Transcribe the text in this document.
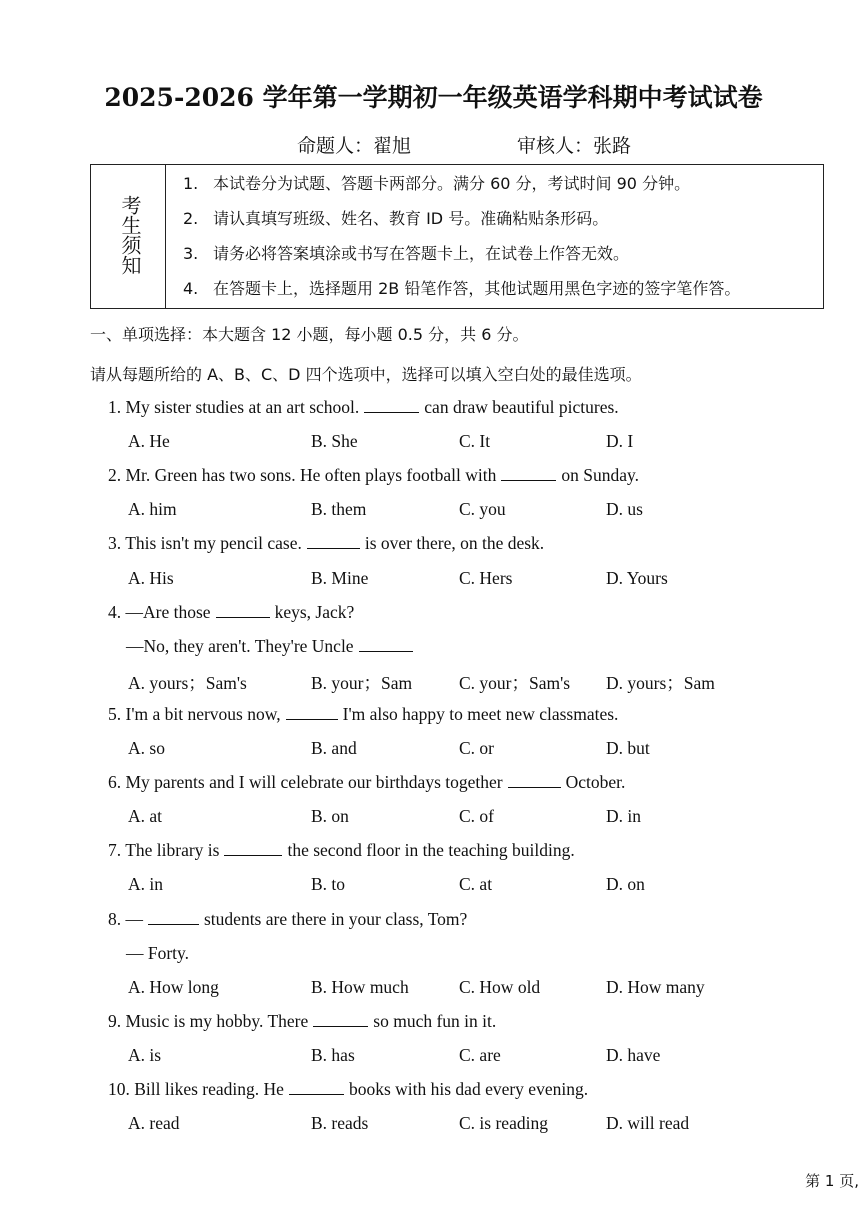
2025-2026 学年第一学期初一年级英语学科期中考试试卷
命题人：翟旭	审核人：张路
考生须知
1. 本试卷分为试题、答题卡两部分。满分 60 分，考试时间 90 分钟。
2. 请认真填写班级、姓名、教育 ID 号。准确粘贴条形码。
3. 请务必将答案填涂或书写在答题卡上，在试卷上作答无效。
4. 在答题卡上，选择题用 2B 铅笔作答，其他试题用黑色字迹的签字笔作答。
一、单项选择：本大题含 12 小题，每小题 0.5 分，共 6 分。
请从每题所给的 A、B、C、D 四个选项中，选择可以填入空白处的最佳选项。
1. My sister studies at an art school.	can draw beautiful pictures.
A. He	B. She	C. It	D. I
2. Mr. Green has two sons. He often plays football with	on Sunday.
A. him	B. them	C. you	D. us
3. This isn't my pencil case.	is over there, on the desk.
A. His	B. Mine	C. Hers	D. Yours
4. —Are those	keys, Jack?
—No, they aren't. They're Uncle
A. yours；Sam's	B. your；Sam	C. your；Sam's D. yours；Sam
5. I'm a bit nervous now,	I'm also happy to meet new classmates.
A. so	B. and	C. or	D. but
6. My parents and I will celebrate our birthdays together	October.
A. at	B. on	C. of	D. in
7. The library is	the second floor in the teaching building.
A. in	B. to	C. at	D. on
8. —	students are there in your class, Tom?
— Forty.
A. How long	B. How much	C. How old	D. How many
9. Music is my hobby. There	so much fun in it.
A. is	B. has	C. are	D. have
10. Bill likes reading. He	books with his dad every evening.
A. read	B. reads	C. is reading	D. will read
第 1 页,
